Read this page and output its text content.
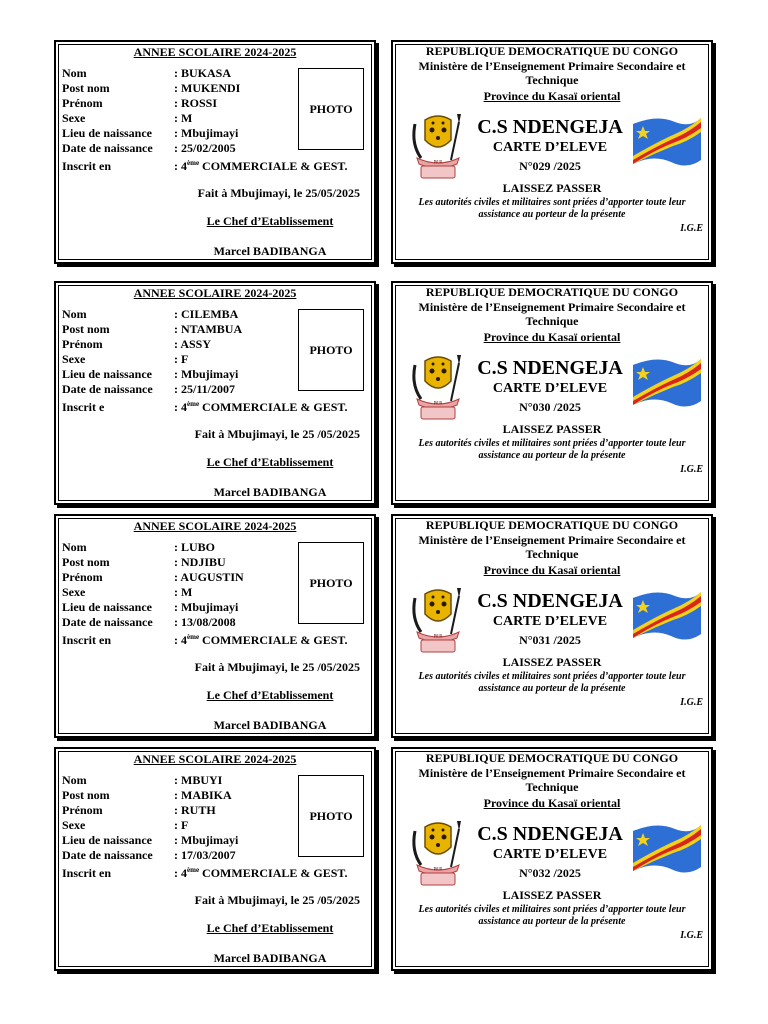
ANNEE SCOLAIRE 2024-2025
Nom	: BUKASA
Post nom	: MUKENDI
Prénom	: ROSSI
Sexe	: M
Lieu de naissance : Mbujimayi
Date de naissance : 25/02/2005
Inscrit en	: 4ème COMMERCIALE & GEST.
PHOTO
Fait à Mbujimayi, le 25/05/2025
Le Chef d’Etablissement
Marcel BADIBANGA
REPUBLIQUE DEMOCRATIQUE DU CONGO
Ministère de l’Enseignement Primaire Secondaire et Technique
Province du Kasaï oriental
PAIX
C.S NDENGEJA
CARTE D’ELEVE
N°029 /2025
LAISSEZ PASSER
Les autorités civiles et militaires sont priées d’apporter toute leur assistance au porteur de la présente
I.G.E
ANNEE SCOLAIRE 2024-2025
Nom	: CILEMBA
Post nom	: NTAMBUA
Prénom	: ASSY
Sexe	: F
Lieu de naissance : Mbujimayi
Date de naissance : 25/11/2007
Inscrit e	: 4ème COMMERCIALE & GEST.
PHOTO
Fait à Mbujimayi, le 25 /05/2025
Le Chef d’Etablissement
Marcel BADIBANGA
REPUBLIQUE DEMOCRATIQUE DU CONGO
Ministère de l’Enseignement Primaire Secondaire et Technique
Province du Kasaï oriental
PAIX
C.S NDENGEJA
CARTE D’ELEVE
N°030 /2025
LAISSEZ PASSER
Les autorités civiles et militaires sont priées d’apporter toute leur assistance au porteur de la présente
I.G.E
ANNEE SCOLAIRE 2024-2025
Nom	: LUBO
Post nom	: NDJIBU
Prénom	: AUGUSTIN
Sexe	: M
Lieu de naissance : Mbujimayi
Date de naissance : 13/08/2008
Inscrit en	: 4ème COMMERCIALE & GEST.
PHOTO
Fait à Mbujimayi, le 25 /05/2025
Le Chef d’Etablissement
Marcel BADIBANGA
REPUBLIQUE DEMOCRATIQUE DU CONGO
Ministère de l’Enseignement Primaire Secondaire et Technique
Province du Kasaï oriental
PAIX
C.S NDENGEJA
CARTE D’ELEVE
N°031 /2025
LAISSEZ PASSER
Les autorités civiles et militaires sont priées d’apporter toute leur assistance au porteur de la présente
I.G.E
ANNEE SCOLAIRE 2024-2025
Nom	: MBUYI
Post nom	: MABIKA
Prénom	: RUTH
Sexe	: F
Lieu de naissance : Mbujimayi
Date de naissance : 17/03/2007
Inscrit en	: 4ème COMMERCIALE & GEST.
PHOTO
Fait à Mbujimayi, le 25 /05/2025
Le Chef d’Etablissement
Marcel BADIBANGA
REPUBLIQUE DEMOCRATIQUE DU CONGO
Ministère de l’Enseignement Primaire Secondaire et Technique
Province du Kasaï oriental
PAIX
C.S NDENGEJA
CARTE D’ELEVE
N°032 /2025
LAISSEZ PASSER
Les autorités civiles et militaires sont priées d’apporter toute leur assistance au porteur de la présente
I.G.E
